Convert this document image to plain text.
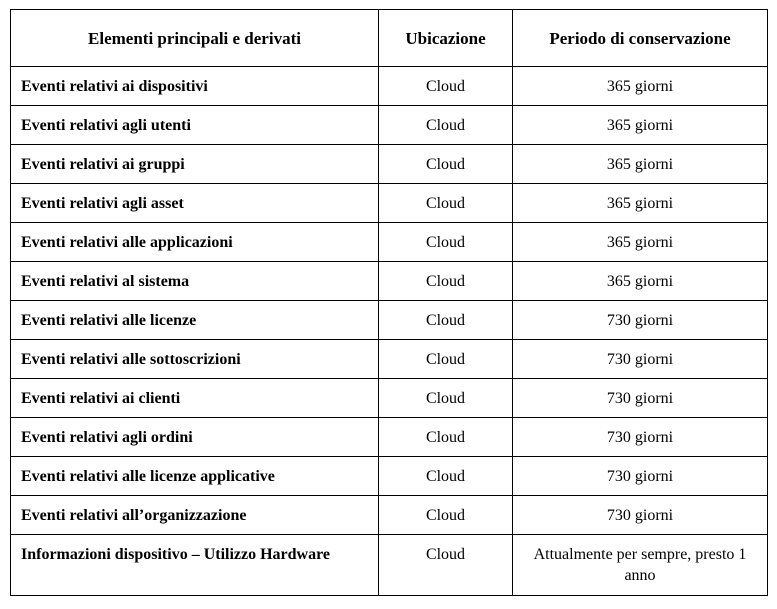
Elementi principali e derivati	Ubicazione	Periodo di conservazione
Eventi relativi ai dispositivi	Cloud	365 giorni
Eventi relativi agli utenti	Cloud	365 giorni
Eventi relativi ai gruppi	Cloud	365 giorni
Eventi relativi agli asset	Cloud	365 giorni
Eventi relativi alle applicazioni	Cloud	365 giorni
Eventi relativi al sistema	Cloud	365 giorni
Eventi relativi alle licenze	Cloud	730 giorni
Eventi relativi alle sottoscrizioni	Cloud	730 giorni
Eventi relativi ai clienti	Cloud	730 giorni
Eventi relativi agli ordini	Cloud	730 giorni
Eventi relativi alle licenze applicative	Cloud	730 giorni
Eventi relativi all’organizzazione	Cloud	730 giorni
Informazioni dispositivo – Utilizzo Hardware	Cloud	Attualmente per sempre, presto 1 anno
